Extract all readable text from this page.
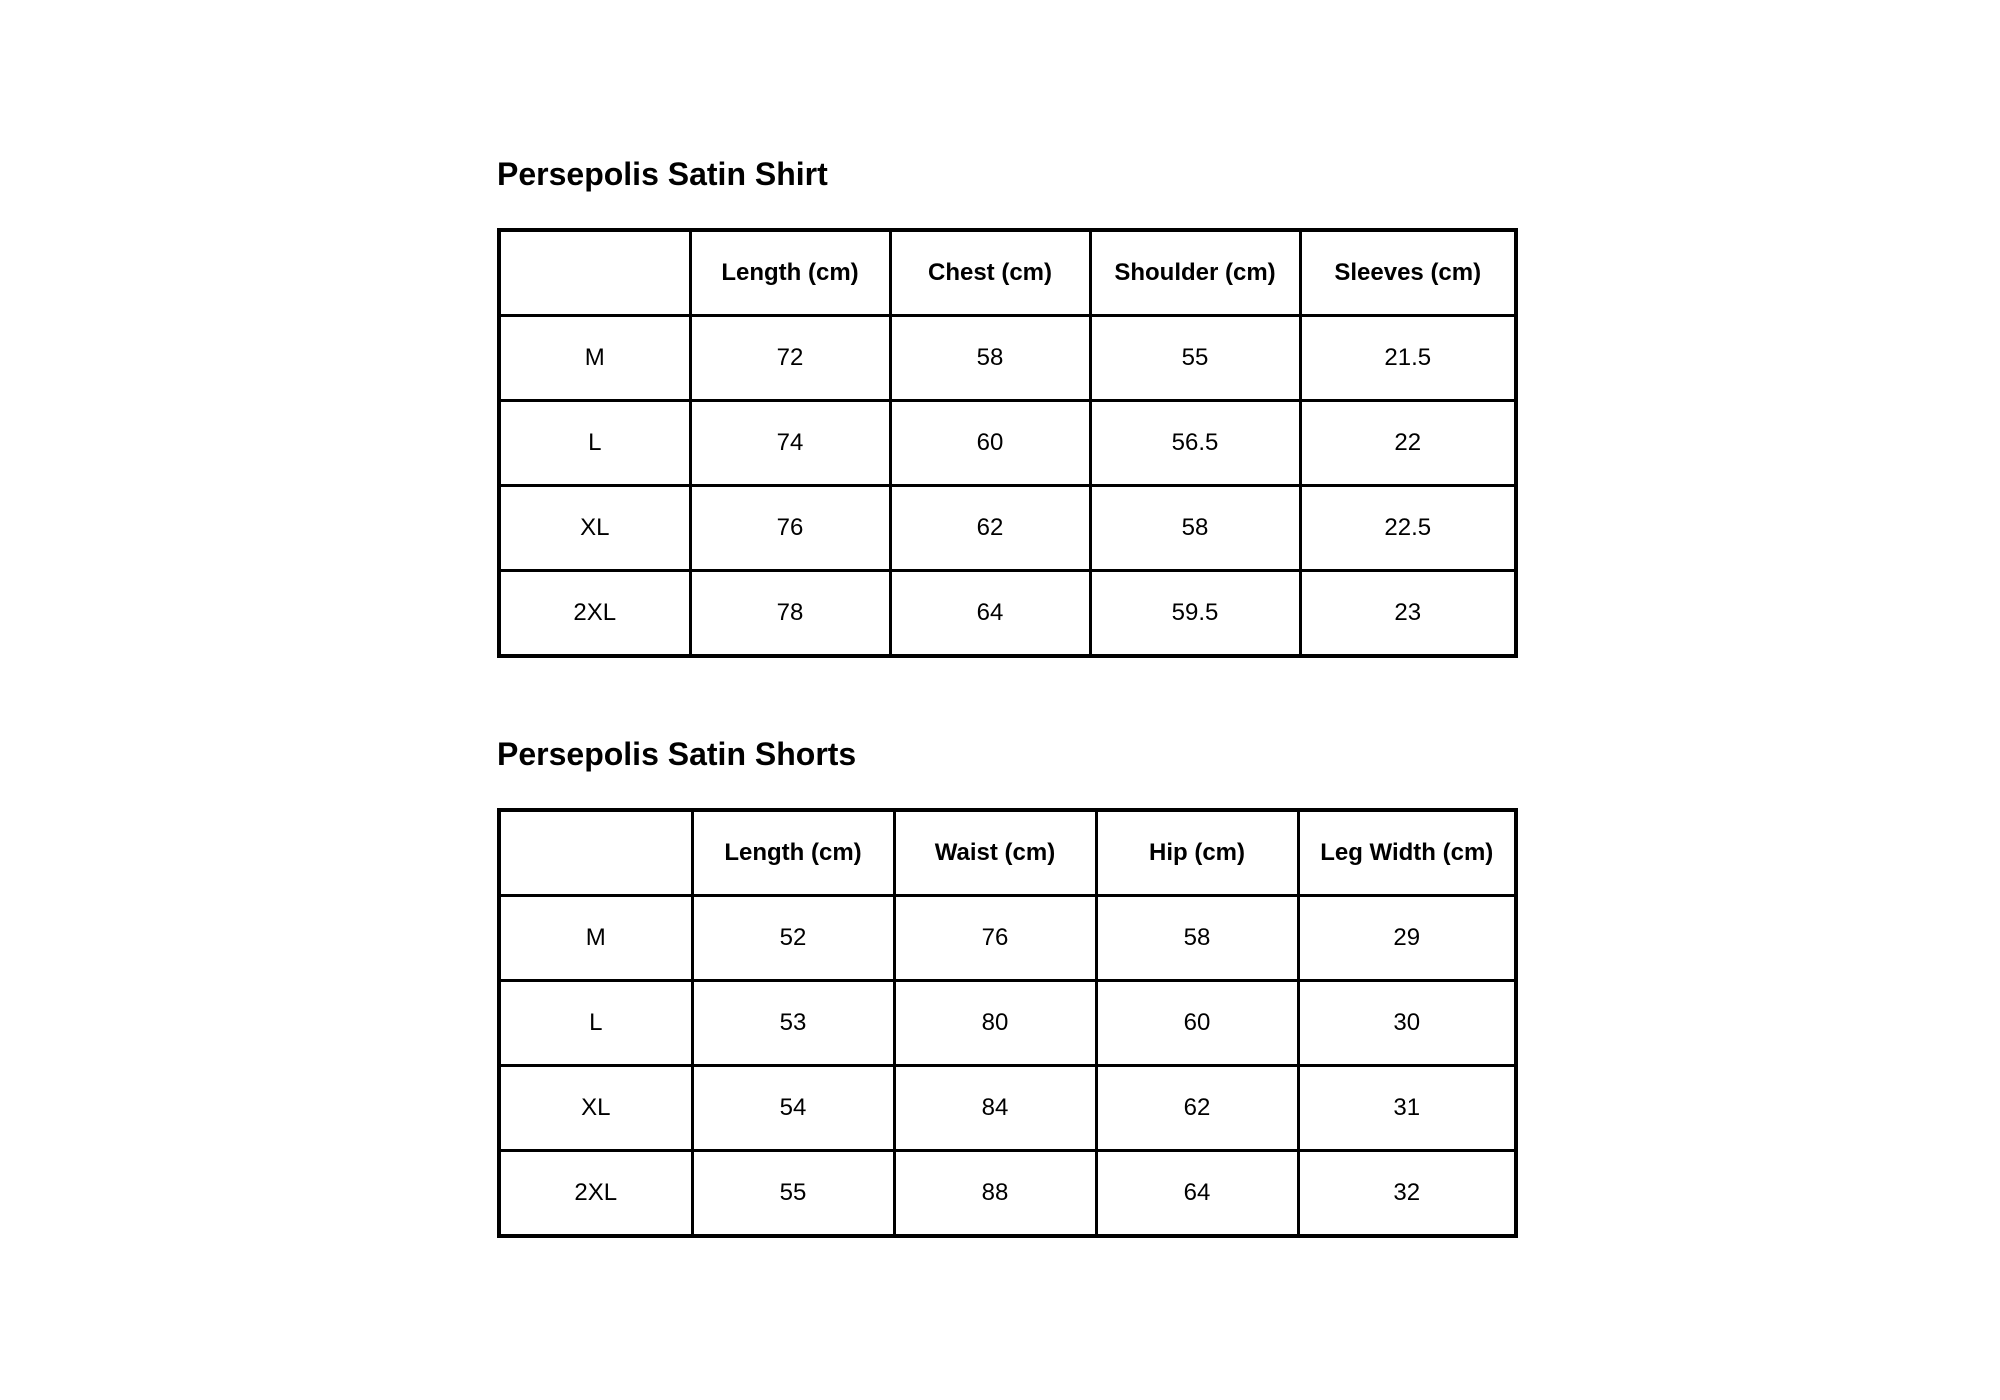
Persepolis Satin Shirt
	Length (cm)	Chest (cm)	Shoulder (cm)	Sleeves (cm)
M	72	58	55	21.5
L	74	60	56.5	22
XL	76	62	58	22.5
2XL	78	64	59.5	23
Persepolis Satin Shorts
	Length (cm)	Waist (cm)	Hip (cm)	Leg Width (cm)
M	52	76	58	29
L	53	80	60	30
XL	54	84	62	31
2XL	55	88	64	32
